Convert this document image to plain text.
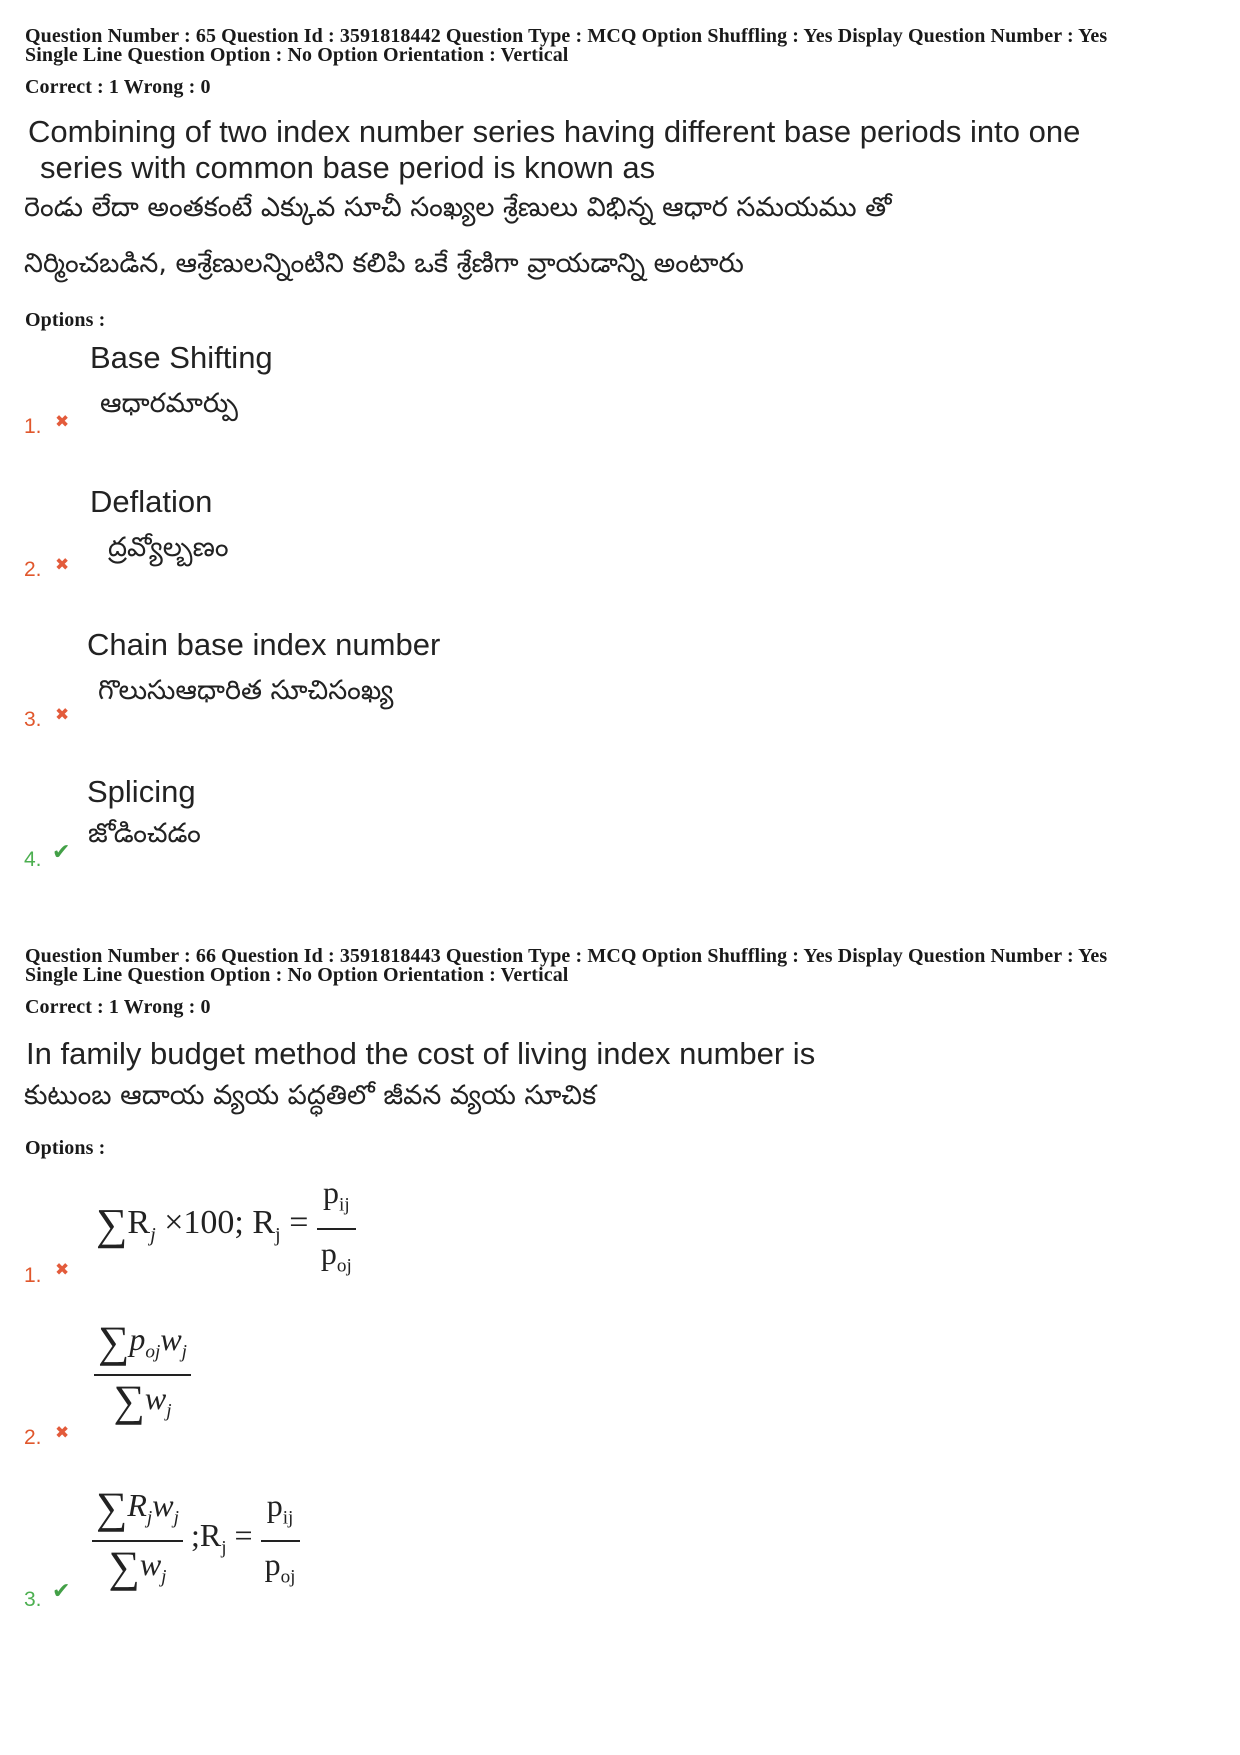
Question Number : 65 Question Id : 3591818442 Question Type : MCQ Option Shuffling : Yes Display Question Number : Yes
Single Line Question Option : No Option Orientation : Vertical
Correct : 1 Wrong : 0
Combining of two index number series having different base periods into one
series with common base period is known as
రెండు లేదా అంతకంటే ఎక్కువ సూచీ సంఖ్యల శ్రేణులు విభిన్న ఆధార సమయము తో
నిర్మించబడిన, ఆశ్రేణులన్నింటిని కలిపి ఒకే శ్రేణిగా వ్రాయడాన్ని అంటారు
Options :
Base Shifting
ఆధారమార్పు
1. ✖
Deflation
ద్రవ్యోల్బణం
2. ✖
Chain base index number
గొలుసుఆధారిత సూచిసంఖ్య
3. ✖
Splicing
జోడించడం
4. ✔
Question Number : 66 Question Id : 3591818443 Question Type : MCQ Option Shuffling : Yes Display Question Number : Yes
Single Line Question Option : No Option Orientation : Vertical
Correct : 1 Wrong : 0
In family budget method the cost of living index number is
కుటుంబ ఆదాయ వ్యయ పద్ధతిలో జీవన వ్యయ సూచిక
Options :
$\sum R_j \times 100$; $R_j = \frac{p_{ij}}{p_{oj}}$
1. ✖
$\frac{\sum p_{oj}w_j}{\sum w_j}$
2. ✖
$\frac{\sum R_jw_j}{\sum w_j}$ $;R_j = \frac{p_{ij}}{p_{oj}}$
3. ✔
